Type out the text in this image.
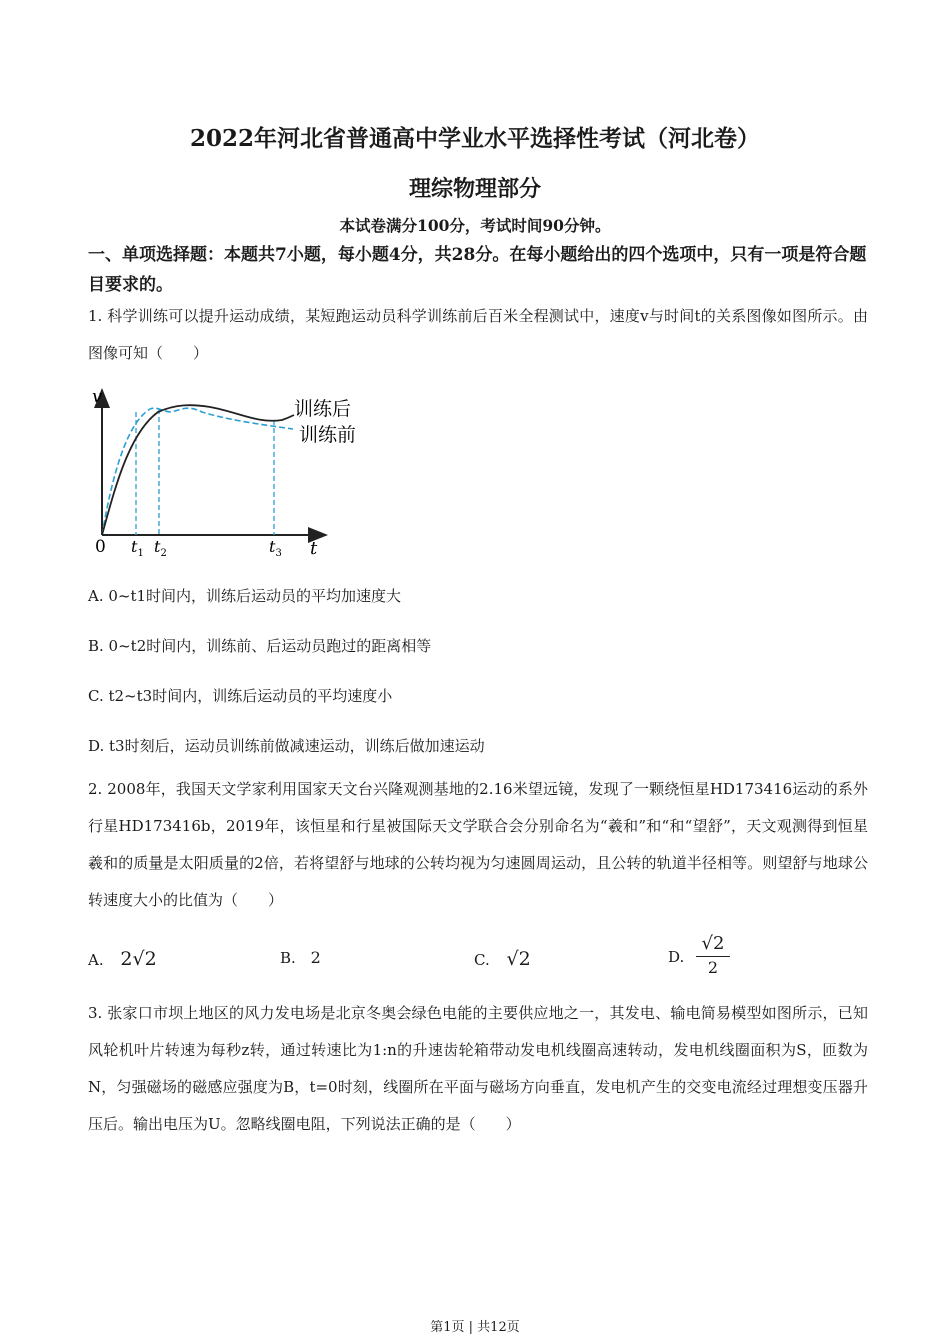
2022年河北省普通高中学业水平选择性考试（河北卷）
理综物理部分
本试卷满分100分，考试时间90分钟。
一、单项选择题：本题共7小题，每小题4分，共28分。在每小题给出的四个选项中，只有一项是符合题目要求的。
1. 科学训练可以提升运动成绩，某短跑运动员科学训练前后百米全程测试中，速度v与时间t的关系图像如图所示。由图像可知（　　）
v
t
0 $t_1$ $t_2$	$t_3$
训练后
训练前
A. 0~t1时间内，训练后运动员的平均加速度大
B. 0~t2时间内，训练前、后运动员跑过的距离相等
C. t2~t3时间内，训练后运动员的平均速度小
D. t3时刻后，运动员训练前做减速运动，训练后做加速运动
2. 2008年，我国天文学家利用国家天文台兴隆观测基地的2.16米望远镜，发现了一颗绕恒星HD173416运动的系外行星HD173416b，2019年，该恒星和行星被国际天文学联合会分别命名为“羲和”和“和“望舒”，天文观测得到恒星羲和的质量是太阳质量的2倍，若将望舒与地球的公转均视为匀速圆周运动，且公转的轨道半径相等。则望舒与地球公转速度大小的比值为（　　）
A. 2√2	B. 2	C. √2	D. $\frac{√2}{2}$
3. 张家口市坝上地区的风力发电场是北京冬奥会绿色电能的主要供应地之一，其发电、输电简易模型如图所示，已知风轮机叶片转速为每秒z转，通过转速比为1:n的升速齿轮箱带动发电机线圈高速转动，发电机线圈面积为S，匝数为N，匀强磁场的磁感应强度为B，t=0时刻，线圈所在平面与磁场方向垂直，发电机产生的交变电流经过理想变压器升压后。输出电压为U。忽略线圈电阻，下列说法正确的是（　　）
第1页 | 共12页
